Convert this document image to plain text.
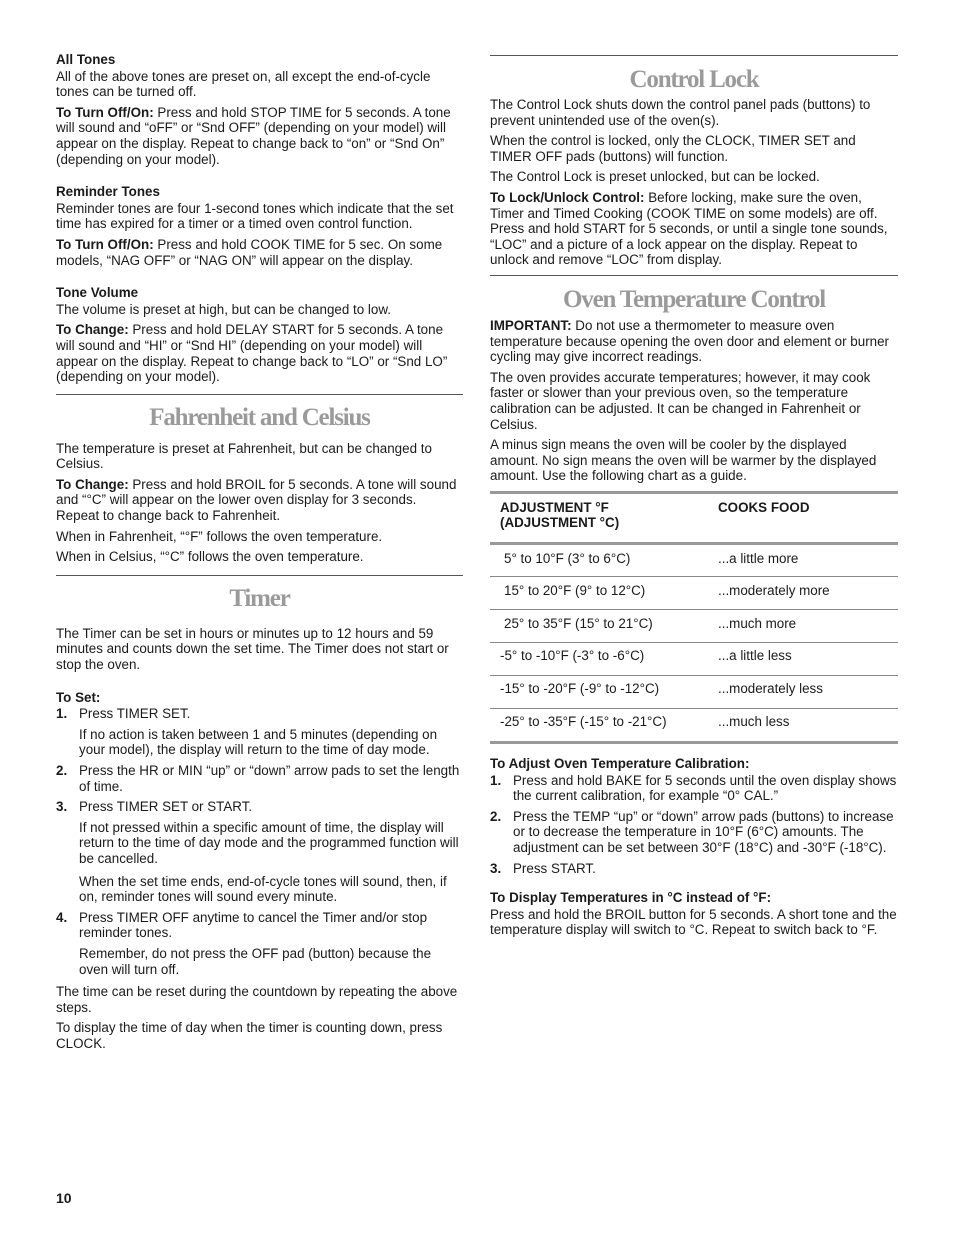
All Tones

All of the above tones are preset on, all except the end-of-cycle tones can be turned off.

To Turn Off/On: Press and hold STOP TIME for 5 seconds. A tone will sound and “oFF” or “Snd OFF” (depending on your model) will appear on the display. Repeat to change back to “on” or “Snd On” (depending on your model).

Reminder Tones

Reminder tones are four 1-second tones which indicate that the set time has expired for a timer or a timed oven control function.

To Turn Off/On: Press and hold COOK TIME for 5 sec. On some models, “NAG OFF” or “NAG ON” will appear on the display.

Tone Volume

The volume is preset at high, but can be changed to low.

To Change: Press and hold DELAY START for 5 seconds. A tone will sound and “HI” or “Snd HI” (depending on your model) will appear on the display. Repeat to change back to “LO” or “Snd LO” (depending on your model).

Fahrenheit and Celsius

The temperature is preset at Fahrenheit, but can be changed to Celsius.

To Change: Press and hold BROIL for 5 seconds. A tone will sound and “°C” will appear on the lower oven display for 3 seconds. Repeat to change back to Fahrenheit.

When in Fahrenheit, “°F” follows the oven temperature.

When in Celsius, “°C” follows the oven temperature.

Timer

The Timer can be set in hours or minutes up to 12 hours and 59 minutes and counts down the set time. The Timer does not start or stop the oven.

To Set:
1. Press TIMER SET.
If no action is taken between 1 and 5 minutes (depending on your model), the display will return to the time of day mode.
2. Press the HR or MIN “up” or “down” arrow pads to set the length of time.
3. Press TIMER SET or START.
If not pressed within a specific amount of time, the display will return to the time of day mode and the programmed function will be cancelled.
When the set time ends, end-of-cycle tones will sound, then, if on, reminder tones will sound every minute.
4. Press TIMER OFF anytime to cancel the Timer and/or stop reminder tones.
Remember, do not press the OFF pad (button) because the oven will turn off.

The time can be reset during the countdown by repeating the above steps.

To display the time of day when the timer is counting down, press CLOCK.

Control Lock

The Control Lock shuts down the control panel pads (buttons) to prevent unintended use of the oven(s).

When the control is locked, only the CLOCK, TIMER SET and TIMER OFF pads (buttons) will function.

The Control Lock is preset unlocked, but can be locked.

To Lock/Unlock Control: Before locking, make sure the oven, Timer and Timed Cooking (COOK TIME on some models) are off. Press and hold START for 5 seconds, or until a single tone sounds, “LOC” and a picture of a lock appear on the display. Repeat to unlock and remove “LOC” from display.

Oven Temperature Control

IMPORTANT: Do not use a thermometer to measure oven temperature because opening the oven door and element or burner cycling may give incorrect readings.

The oven provides accurate temperatures; however, it may cook faster or slower than your previous oven, so the temperature calibration can be adjusted. It can be changed in Fahrenheit or Celsius.

A minus sign means the oven will be cooler by the displayed amount. No sign means the oven will be warmer by the displayed amount. Use the following chart as a guide.

ADJUSTMENT °F
(ADJUSTMENT °C)	COOKS FOOD
5° to 10°F (3° to 6°C)	...a little more
15° to 20°F (9° to 12°C)	...moderately more
25° to 35°F (15° to 21°C)	...much more
-5° to -10°F (-3° to -6°C)	...a little less
-15° to -20°F (-9° to -12°C)	...moderately less
-25° to -35°F (-15° to -21°C)	...much less
To Adjust Oven Temperature Calibration:
1. Press and hold BAKE for 5 seconds until the oven display shows the current calibration, for example “0° CAL.”
2. Press the TEMP “up” or “down” arrow pads (buttons) to increase or to decrease the temperature in 10°F (6°C) amounts. The adjustment can be set between 30°F (18°C) and -30°F (-18°C).
3. Press START.
To Display Temperatures in °C instead of °F:

Press and hold the BROIL button for 5 seconds. A short tone and the temperature display will switch to °C. Repeat to switch back to °F.

10
